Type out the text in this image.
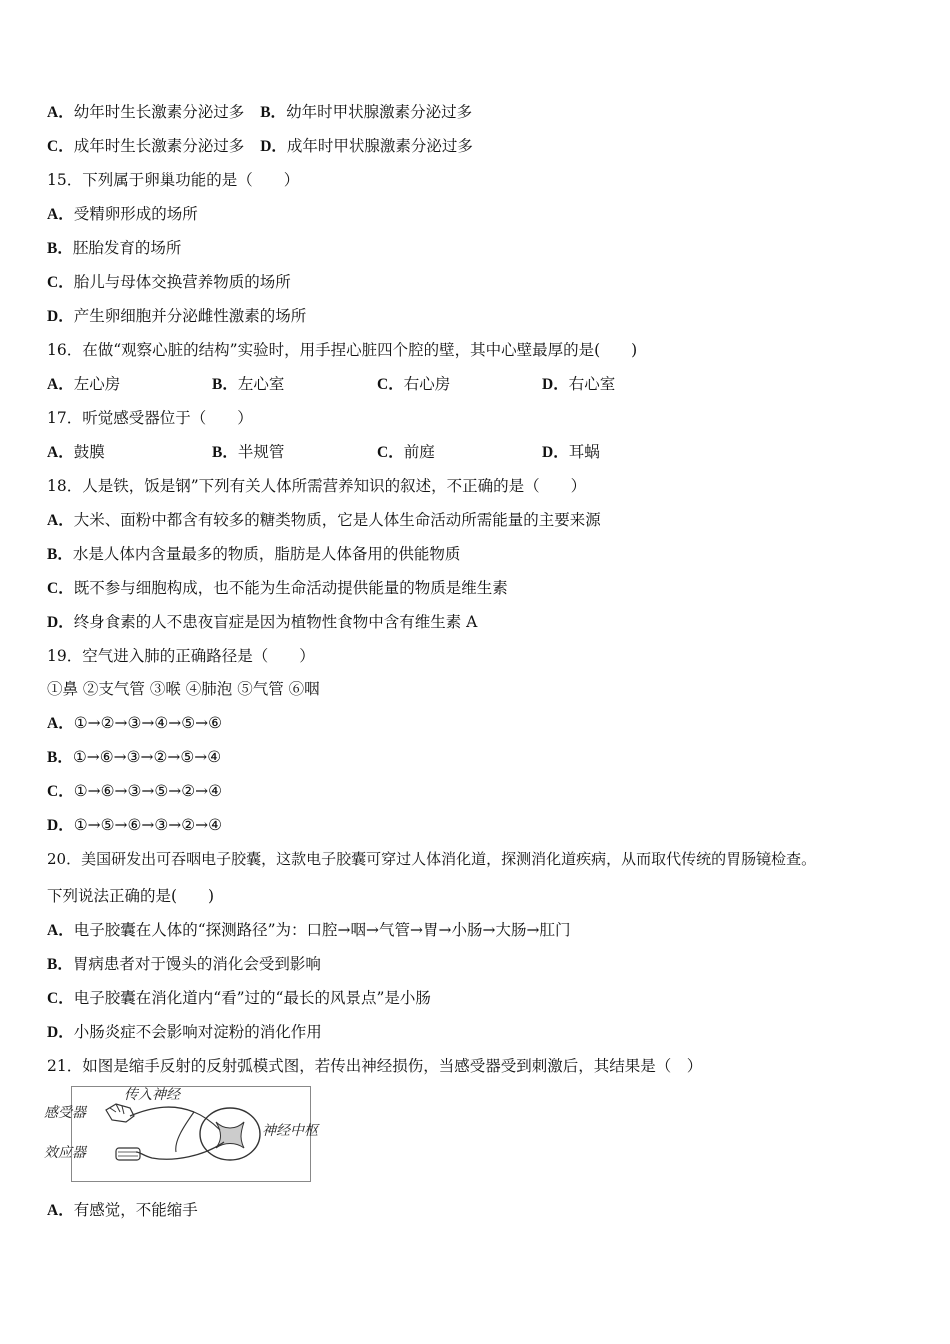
A．幼年时生长激素分泌过多 B．幼年时甲状腺激素分泌过多
C．成年时生长激素分泌过多 D．成年时甲状腺激素分泌过多
15．下列属于卵巢功能的是（　　）
A．受精卵形成的场所
B．胚胎发育的场所
C．胎儿与母体交换营养物质的场所
D．产生卵细胞并分泌雌性激素的场所
16．在做“观察心脏的结构”实验时，用手捏心脏四个腔的壁，其中心壁最厚的是(　　)
A．左心房	B．左心室	C．右心房	D．右心室
17．听觉感受器位于（　　）
A．鼓膜	B．半规管	C．前庭	D．耳蜗
18．人是铁，饭是钢”下列有关人体所需营养知识的叙述，不正确的是（　　）
A．大米、面粉中都含有较多的糖类物质，它是人体生命活动所需能量的主要来源
B．水是人体内含量最多的物质，脂肪是人体备用的供能物质
C．既不参与细胞构成，也不能为生命活动提供能量的物质是维生素
D．终身食素的人不患夜盲症是因为植物性食物中含有维生素 A
19．空气进入肺的正确路径是（　　）
①鼻 ②支气管 ③喉 ④肺泡 ⑤气管 ⑥咽
A．①→②→③→④→⑤→⑥
B．①→⑥→③→②→⑤→④
C．①→⑥→③→⑤→②→④
D．①→⑤→⑥→③→②→④
20．美国研发出可吞咽电子胶囊，这款电子胶囊可穿过人体消化道，探测消化道疾病，从而取代传统的胃肠镜检查。
下列说法正确的是(　　)
A．电子胶囊在人体的“探测路径”为：口腔→咽→气管→胃→小肠→大肠→肛门
B．胃病患者对于馒头的消化会受到影响
C．电子胶囊在消化道内“看”过的“最长的风景点”是小肠
D．小肠炎症不会影响对淀粉的消化作用
21．如图是缩手反射的反射弧模式图，若传出神经损伤，当感受器受到刺激后，其结果是（　）
感受器
传入神经
神经中枢
效应器
A．有感觉，不能缩手
